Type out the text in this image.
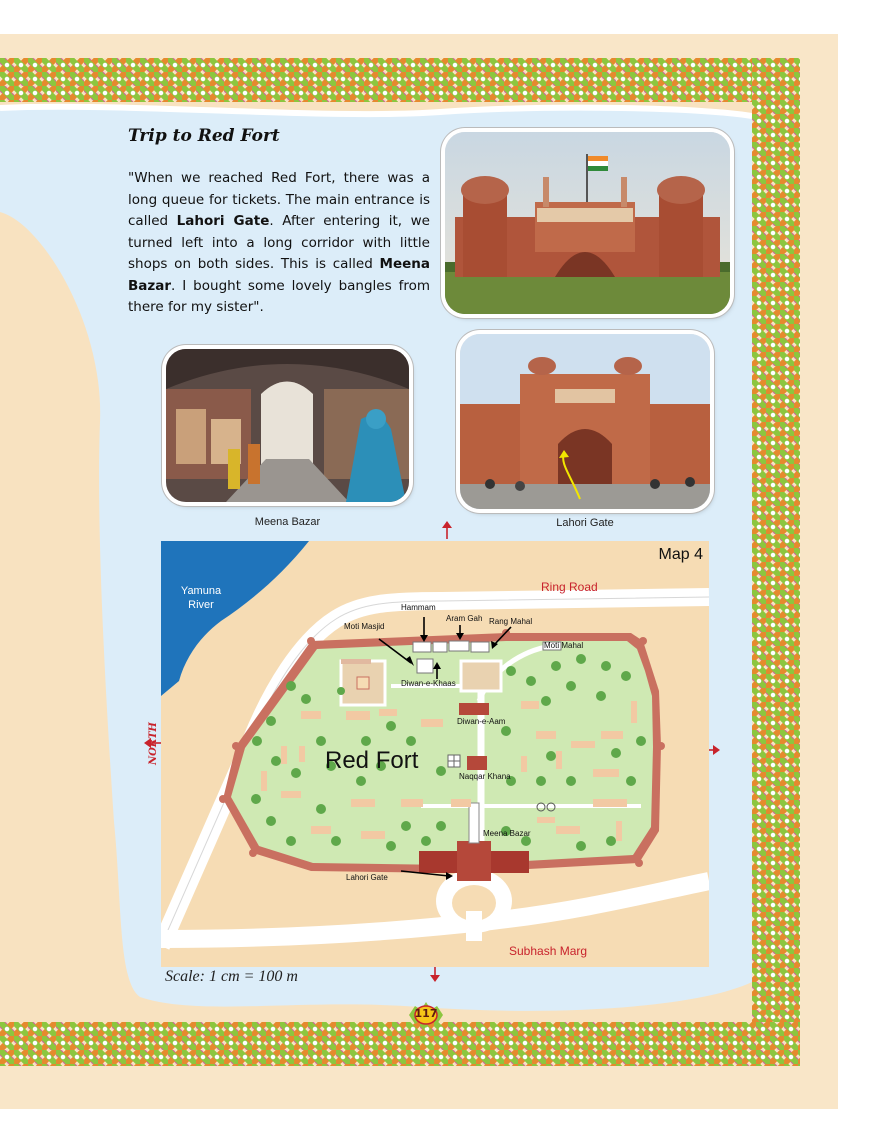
Trip to Red Fort

"When we reached Red Fort, there was a long queue for tickets. The main entrance is called Lahori Gate. After entering it, we turned left into a long corridor with little shops on both sides. This is called Meena Bazar. I bought some lovely bangles from there for my sister".

Meena Bazar	Lahori Gate
NORTH
Map 4
Yamuna
River
Ring Road
Subhash Marg
Red Fort
Hammam
Aram Gah Rang Mahal
Moti Masjid
Moti Mahal
Diwan-e-Khaas
Diwan-e-Aam
Naqqar Khana
Meena Bazar
Lahori Gate
Scale: 1 cm = 100 m
117
